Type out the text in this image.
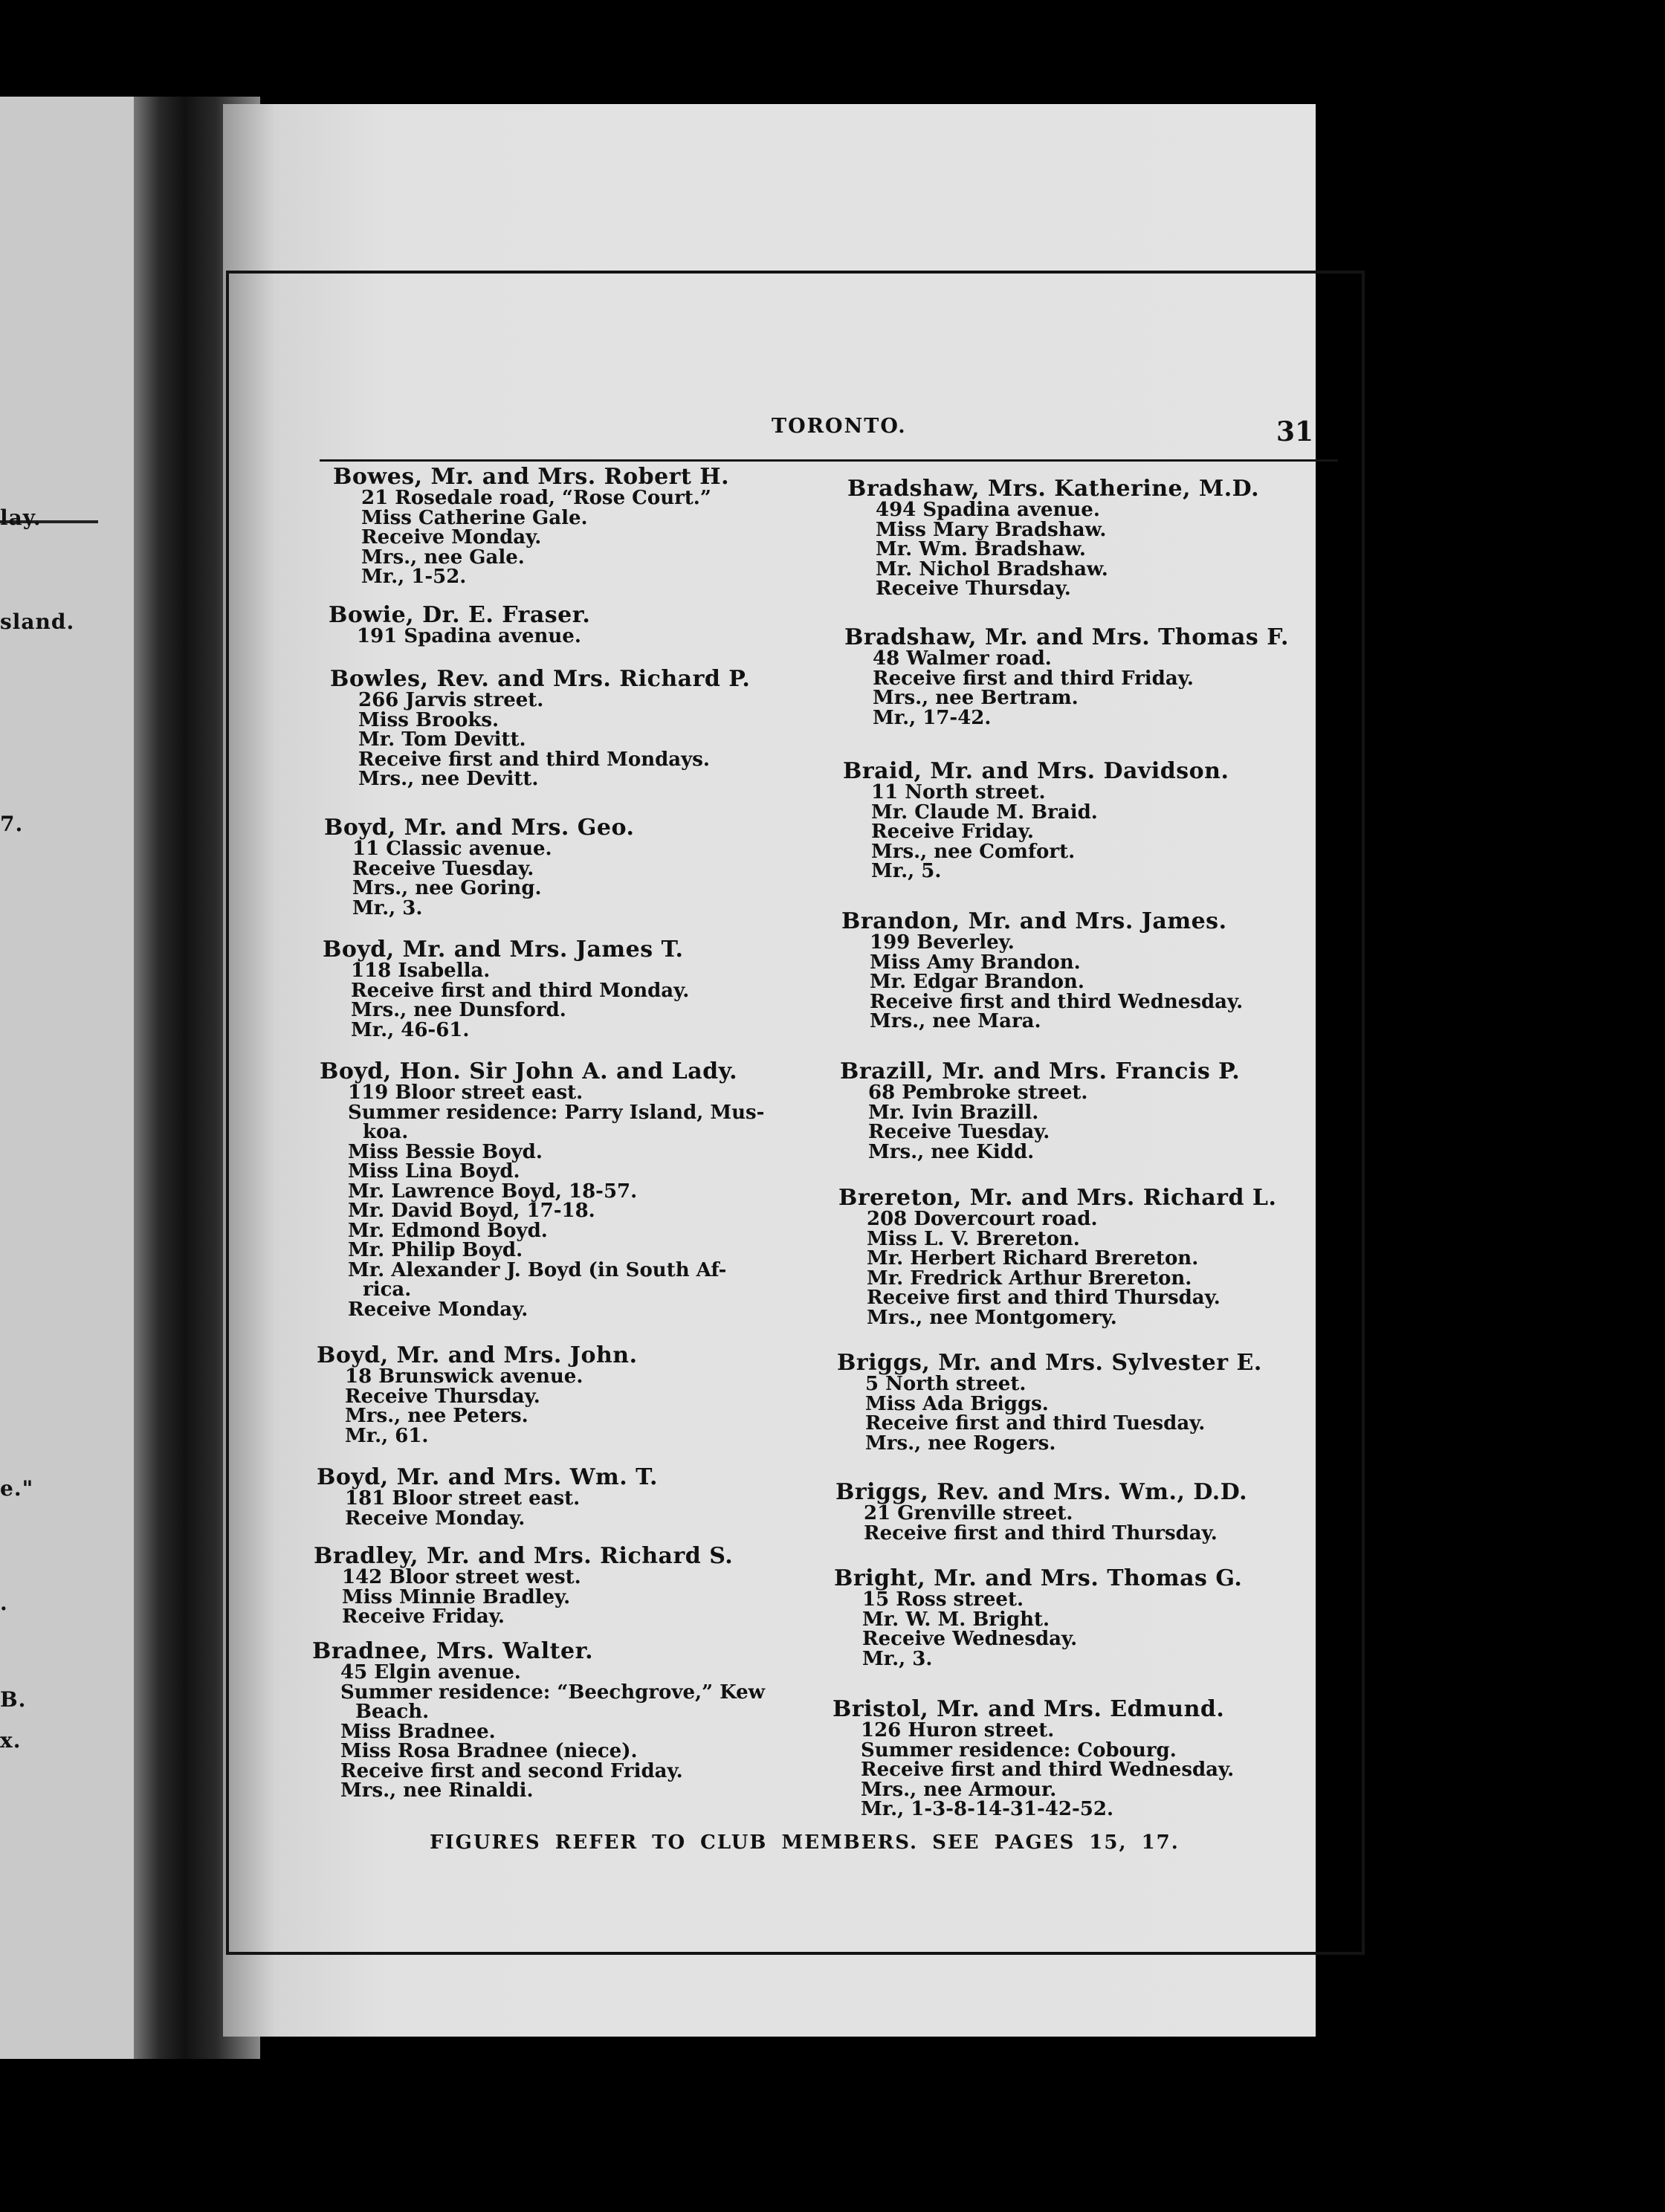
lay.
sland.
7.
e."
.
B.
x.
TORONTO.	31
Bowes, Mr. and Mrs. Robert H.
21 Rosedale road, “Rose Court.”
Miss Catherine Gale.
Receive Monday.
Mrs., nee Gale.
Mr., 1-52.
Bowie, Dr. E. Fraser.
191 Spadina avenue.
Bowles, Rev. and Mrs. Richard P.
266 Jarvis street.
Miss Brooks.
Mr. Tom Devitt.
Receive first and third Mondays.
Mrs., nee Devitt.
Boyd, Mr. and Mrs. Geo.
11 Classic avenue.
Receive Tuesday.
Mrs., nee Goring.
Mr., 3.
Boyd, Mr. and Mrs. James T.
118 Isabella.
Receive first and third Monday.
Mrs., nee Dunsford.
Mr., 46-61.
Boyd, Hon. Sir John A. and Lady.
119 Bloor street east.
Summer residence: Parry Island, Mus-
koa.
Miss Bessie Boyd.
Miss Lina Boyd.
Mr. Lawrence Boyd, 18-57.
Mr. David Boyd, 17-18.
Mr. Edmond Boyd.
Mr. Philip Boyd.
Mr. Alexander J. Boyd (in South Af-
rica.
Receive Monday.
Boyd, Mr. and Mrs. John.
18 Brunswick avenue.
Receive Thursday.
Mrs., nee Peters.
Mr., 61.
Boyd, Mr. and Mrs. Wm. T.
181 Bloor street east.
Receive Monday.
Bradley, Mr. and Mrs. Richard S.
142 Bloor street west.
Miss Minnie Bradley.
Receive Friday.
Bradnee, Mrs. Walter.
45 Elgin avenue.
Summer residence: “Beechgrove,” Kew
Beach.
Miss Bradnee.
Miss Rosa Bradnee (niece).
Receive first and second Friday.
Mrs., nee Rinaldi.
Bradshaw, Mrs. Katherine, M.D.
494 Spadina avenue.
Miss Mary Bradshaw.
Mr. Wm. Bradshaw.
Mr. Nichol Bradshaw.
Receive Thursday.
Bradshaw, Mr. and Mrs. Thomas F.
48 Walmer road.
Receive first and third Friday.
Mrs., nee Bertram.
Mr., 17-42.
Braid, Mr. and Mrs. Davidson.
11 North street.
Mr. Claude M. Braid.
Receive Friday.
Mrs., nee Comfort.
Mr., 5.
Brandon, Mr. and Mrs. James.
199 Beverley.
Miss Amy Brandon.
Mr. Edgar Brandon.
Receive first and third Wednesday.
Mrs., nee Mara.
Brazill, Mr. and Mrs. Francis P.
68 Pembroke street.
Mr. Ivin Brazill.
Receive Tuesday.
Mrs., nee Kidd.
Brereton, Mr. and Mrs. Richard L.
208 Dovercourt road.
Miss L. V. Brereton.
Mr. Herbert Richard Brereton.
Mr. Fredrick Arthur Brereton.
Receive first and third Thursday.
Mrs., nee Montgomery.
Briggs, Mr. and Mrs. Sylvester E.
5 North street.
Miss Ada Briggs.
Receive first and third Tuesday.
Mrs., nee Rogers.
Briggs, Rev. and Mrs. Wm., D.D.
21 Grenville street.
Receive first and third Thursday.
Bright, Mr. and Mrs. Thomas G.
15 Ross street.
Mr. W. M. Bright.
Receive Wednesday.
Mr., 3.
Bristol, Mr. and Mrs. Edmund.
126 Huron street.
Summer residence: Cobourg.
Receive first and third Wednesday.
Mrs., nee Armour.
Mr., 1-3-8-14-31-42-52.
FIGURES REFER TO CLUB MEMBERS. SEE PAGES 15, 17.
